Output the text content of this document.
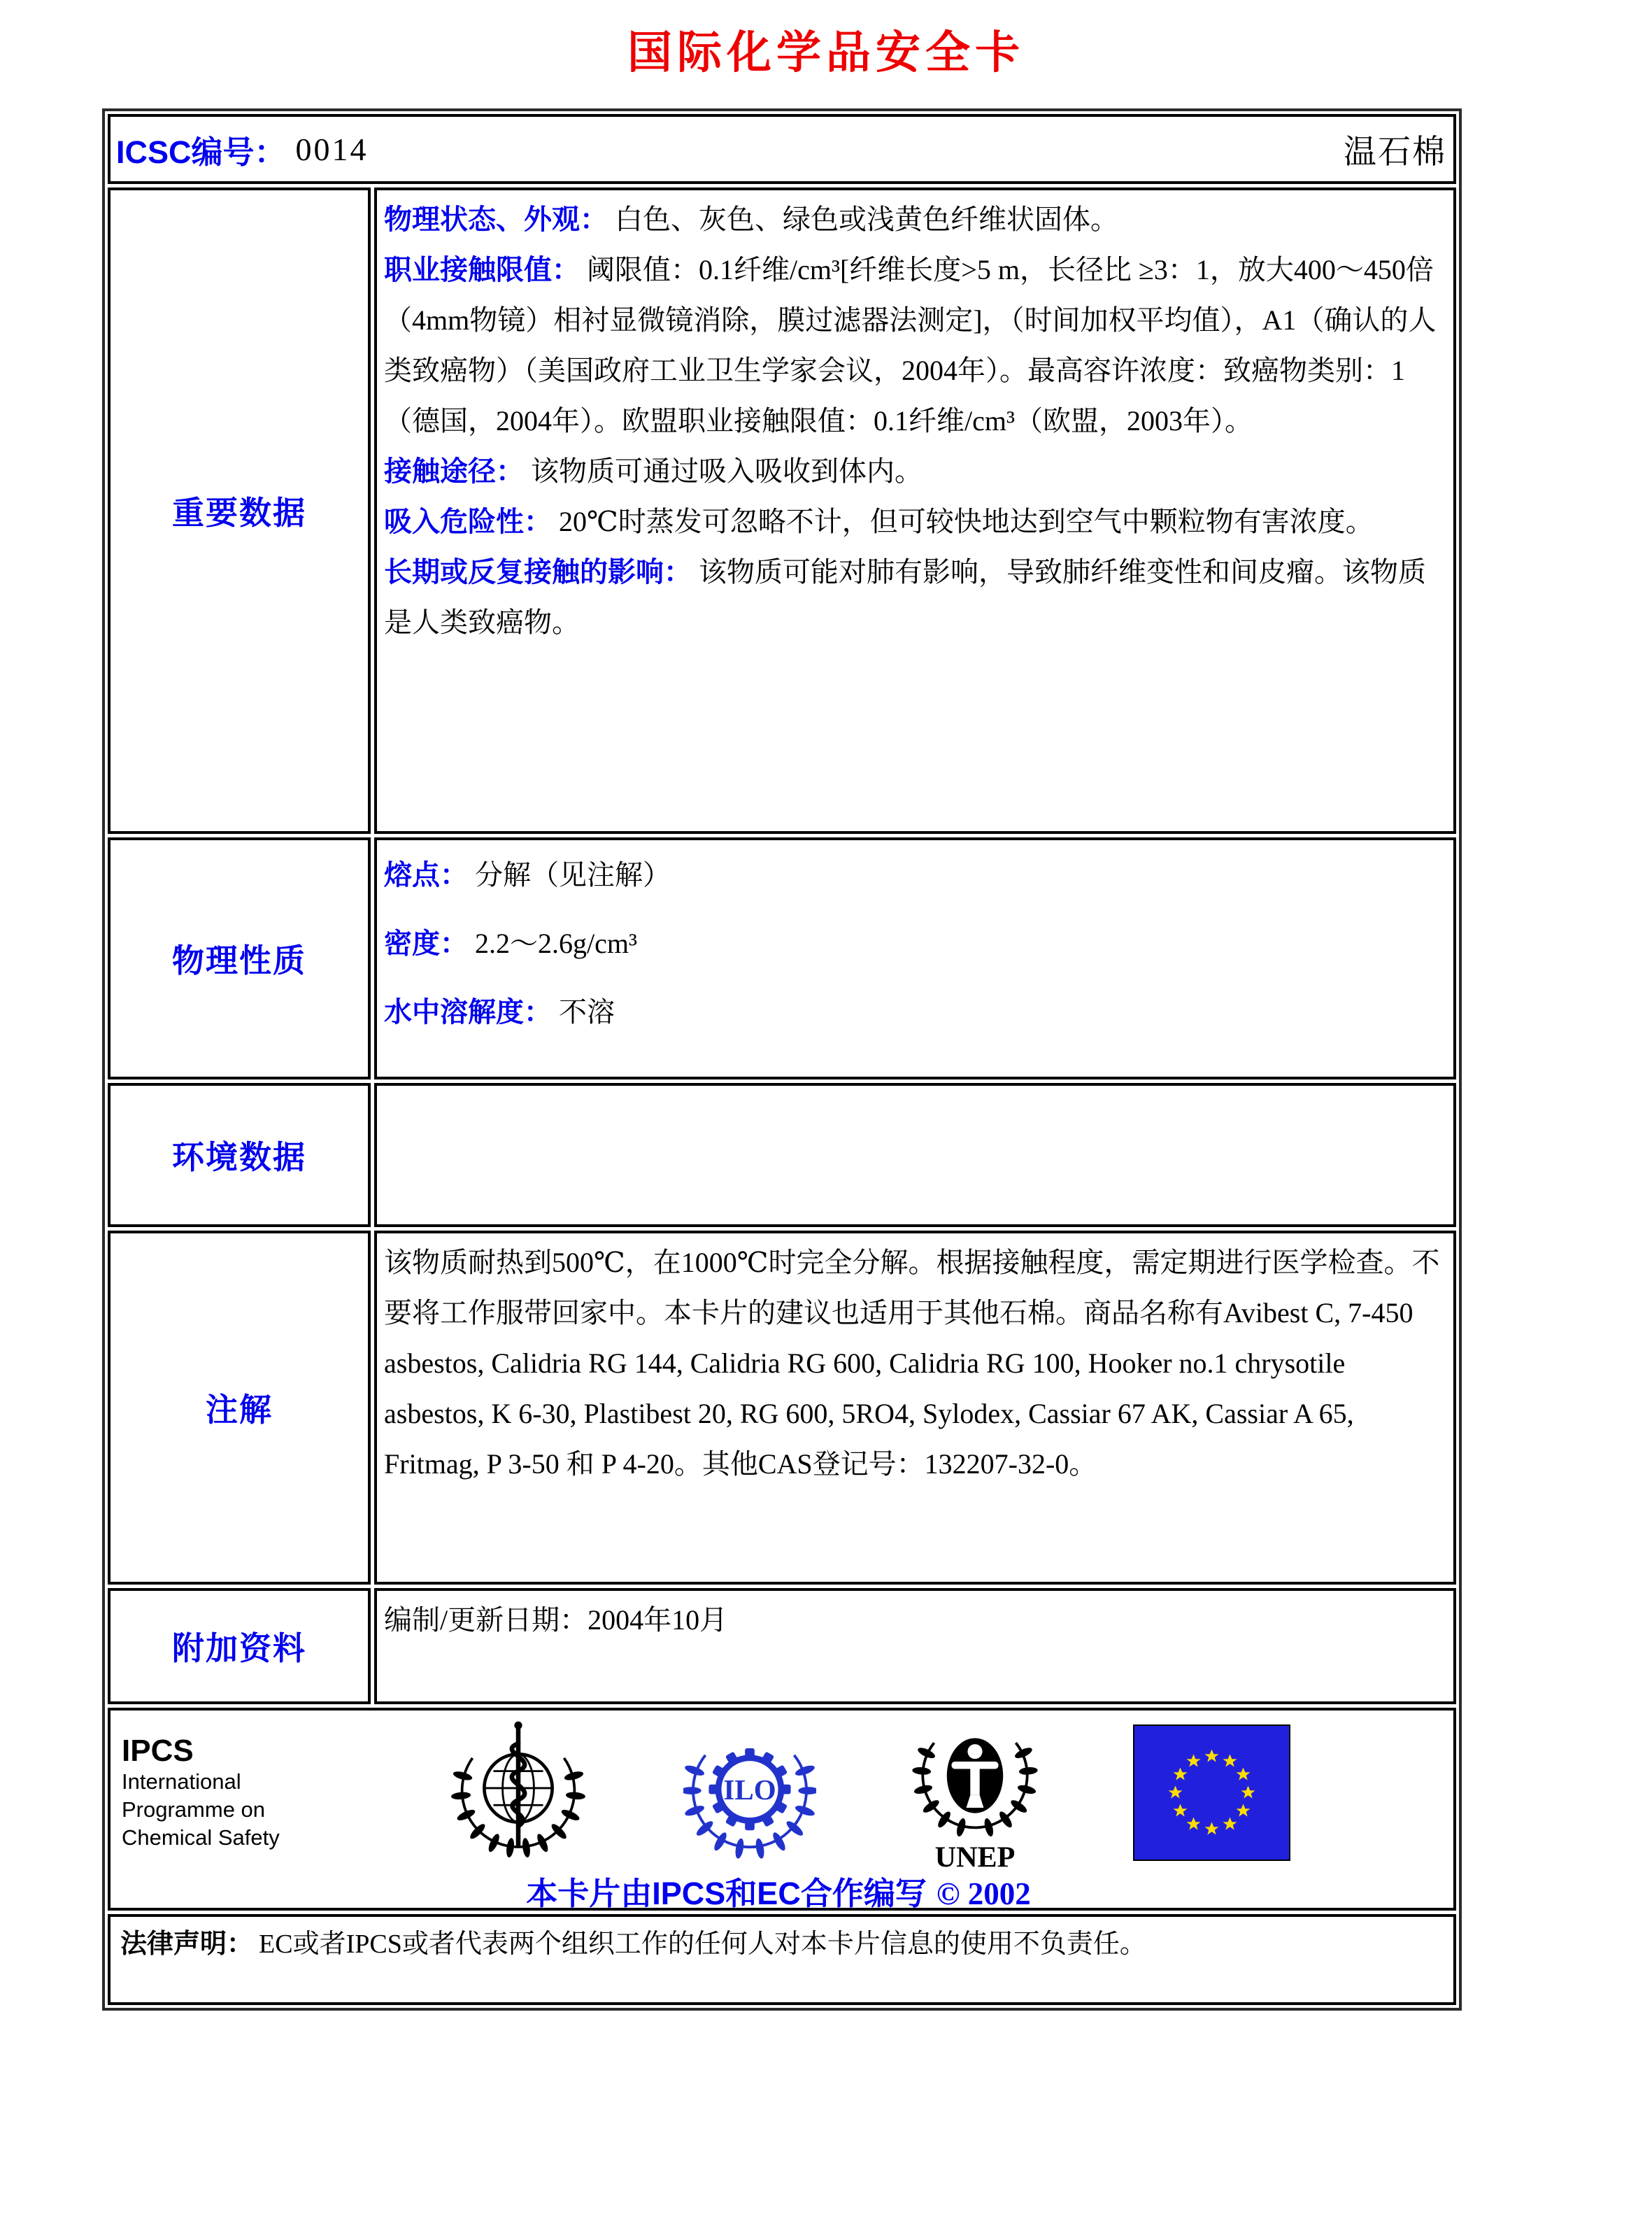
国际化学品安全卡
ICSC编号： 0014	温石棉
重要数据

物理状态、外观： 白色、灰色、绿色或浅黄色纤维状固体。

职业接触限值： 阈限值：0.1纤维/cm³[纤维长度>5 m，长径比 ≥3：1，放大400～450倍（4mm物镜）相衬显微镜消除，膜过滤器法测定]，（时间加权平均值），A1（确认的人类致癌物）（美国政府工业卫生学家会议，2004年）。最高容许浓度：致癌物类别：1（德国，2004年）。欧盟职业接触限值：0.1纤维/cm³（欧盟，2003年）。

接触途径： 该物质可通过吸入吸收到体内。

吸入危险性： 20℃时蒸发可忽略不计，但可较快地达到空气中颗粒物有害浓度。

长期或反复接触的影响： 该物质可能对肺有影响，导致肺纤维变性和间皮瘤。该物质是人类致癌物。

物理性质

熔点： 分解（见注解）

密度： 2.2～2.6g/cm³

水中溶解度： 不溶

环境数据
注解

该物质耐热到500℃，在1000℃时完全分解。根据接触程度，需定期进行医学检查。不要将工作服带回家中。本卡片的建议也适用于其他石棉。商品名称有Avibest C, 7-450 asbestos, Calidria RG 144, Calidria RG 600, Calidria RG 100, Hooker no.1 chrysotile asbestos, K 6-30, Plastibest 20, RG 600, 5RO4, Sylodex, Cassiar 67 AK, Cassiar A 65, Fritmag, P 3-50 和 P 4-20。其他CAS登记号：132207-32-0。

附加资料

编制/更新日期：2004年10月

IPCS
International
Programme on
Chemical Safety
ILO
UNEP
本卡片由IPCS和EC合作编写 © 2002
法律声明： EC或者IPCS或者代表两个组织工作的任何人对本卡片信息的使用不负责任。
